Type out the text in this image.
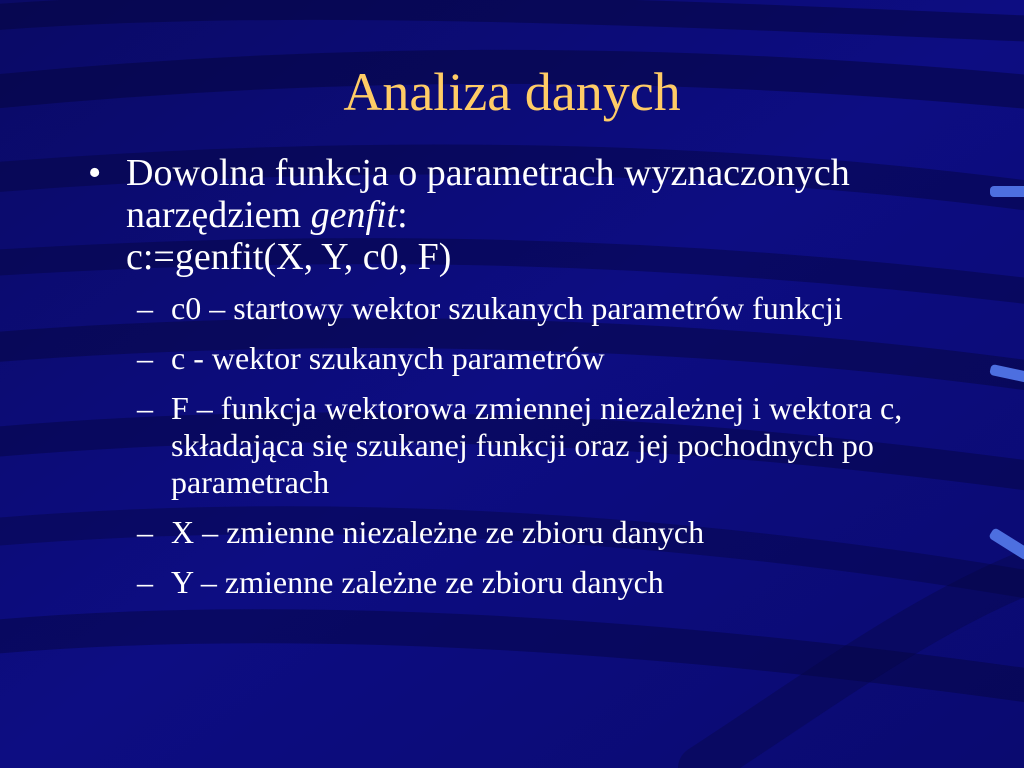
Analiza danych
• Dowolna funkcja o parametrach wyznaczonych narzędziem genfit:
c:=genfit(X, Y, c0, F)
– c0 – startowy wektor szukanych parametrów funkcji
– c - wektor szukanych parametrów
– F – funkcja wektorowa zmiennej niezależnej i wektora c, składająca się szukanej funkcji oraz jej pochodnych po parametrach
– X – zmienne niezależne ze zbioru danych
– Y – zmienne zależne ze zbioru danych
